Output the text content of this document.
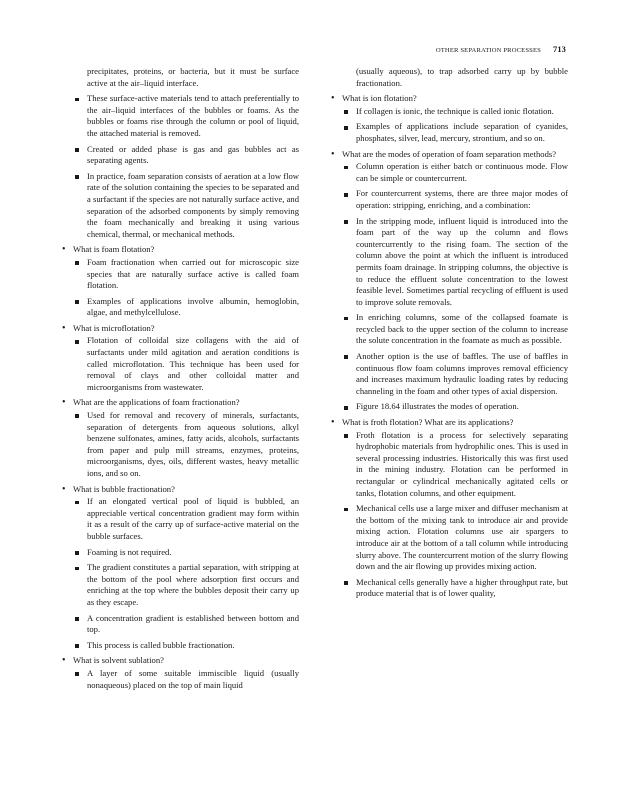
OTHER SEPARATION PROCESSES 713

precipitates, proteins, or bacteria, but it must be surface active at the air–liquid interface.

These surface-active materials tend to attach preferentially to the air–liquid interfaces of the bubbles or foams. As the bubbles or foams rise through the column or pool of liquid, the attached material is removed.

Created or added phase is gas and gas bubbles act as separating agents.

In practice, foam separation consists of aeration at a low flow rate of the solution containing the species to be separated and a surfactant if the species are not naturally surface active, and separation of the adsorbed components by simply removing the foam mechanically and breaking it using various chemical, thermal, or mechanical methods.

• What is foam flotation?

Foam fractionation when carried out for microscopic size species that are naturally surface active is called foam flotation.

Examples of applications involve albumin, hemoglobin, algae, and methylcellulose.

• What is microflotation?

Flotation of colloidal size collagens with the aid of surfactants under mild agitation and aeration conditions is called microflotation. This technique has been used for removal of clays and other colloidal matter and microorganisms from wastewater.

• What are the applications of foam fractionation?

Used for removal and recovery of minerals, surfactants, separation of detergents from aqueous solutions, alkyl benzene sulfonates, amines, fatty acids, alcohols, surfactants from paper and pulp mill streams, enzymes, proteins, microorganisms, dyes, oils, different wastes, heavy metallic ions, and so on.

• What is bubble fractionation?

If an elongated vertical pool of liquid is bubbled, an appreciable vertical concentration gradient may form within it as a result of the carry up of surface-active material on the bubble surfaces.

Foaming is not required.

The gradient constitutes a partial separation, with stripping at the bottom of the pool where adsorption first occurs and enriching at the top where the bubbles deposit their carry up as they escape.

A concentration gradient is established between bottom and top.

This process is called bubble fractionation.

• What is solvent sublation?

A layer of some suitable immiscible liquid (usually nonaqueous) placed on the top of main liquid

(usually aqueous), to trap adsorbed carry up by bubble fractionation.

• What is ion flotation?

If collagen is ionic, the technique is called ionic flotation.

Examples of applications include separation of cyanides, phosphates, silver, lead, mercury, strontium, and so on.

• What are the modes of operation of foam separation methods?

Column operation is either batch or continuous mode. Flow can be simple or countercurrent.

For countercurrent systems, there are three major modes of operation: stripping, enriching, and a combination:

In the stripping mode, influent liquid is introduced into the foam part of the way up the column and flows countercurrently to the rising foam. The section of the column above the point at which the influent is introduced permits foam drainage. In stripping columns, the objective is to reduce the effluent solute concentration to the lowest feasible level. Sometimes partial recycling of effluent is used to improve solute removals.

In enriching columns, some of the collapsed foamate is recycled back to the upper section of the column to increase the solute concentration in the foamate as much as possible.

Another option is the use of baffles. The use of baffles in continuous flow foam columns improves removal efficiency and increases maximum hydraulic loading rates by reducing channeling in the foam and other types of axial dispersion.

Figure 18.64 illustrates the modes of operation.

• What is froth flotation? What are its applications?

Froth flotation is a process for selectively separating hydrophobic materials from hydrophilic ones. This is used in several processing industries. Historically this was first used in the mining industry. Flotation can be performed in rectangular or cylindrical mechanically agitated cells or tanks, flotation columns, and other equipment.

Mechanical cells use a large mixer and diffuser mechanism at the bottom of the mixing tank to introduce air and provide mixing action. Flotation columns use air spargers to introduce air at the bottom of a tall column while introducing slurry above. The countercurrent motion of the slurry flowing down and the air flowing up provides mixing action.

Mechanical cells generally have a higher throughput rate, but produce material that is of lower quality,
